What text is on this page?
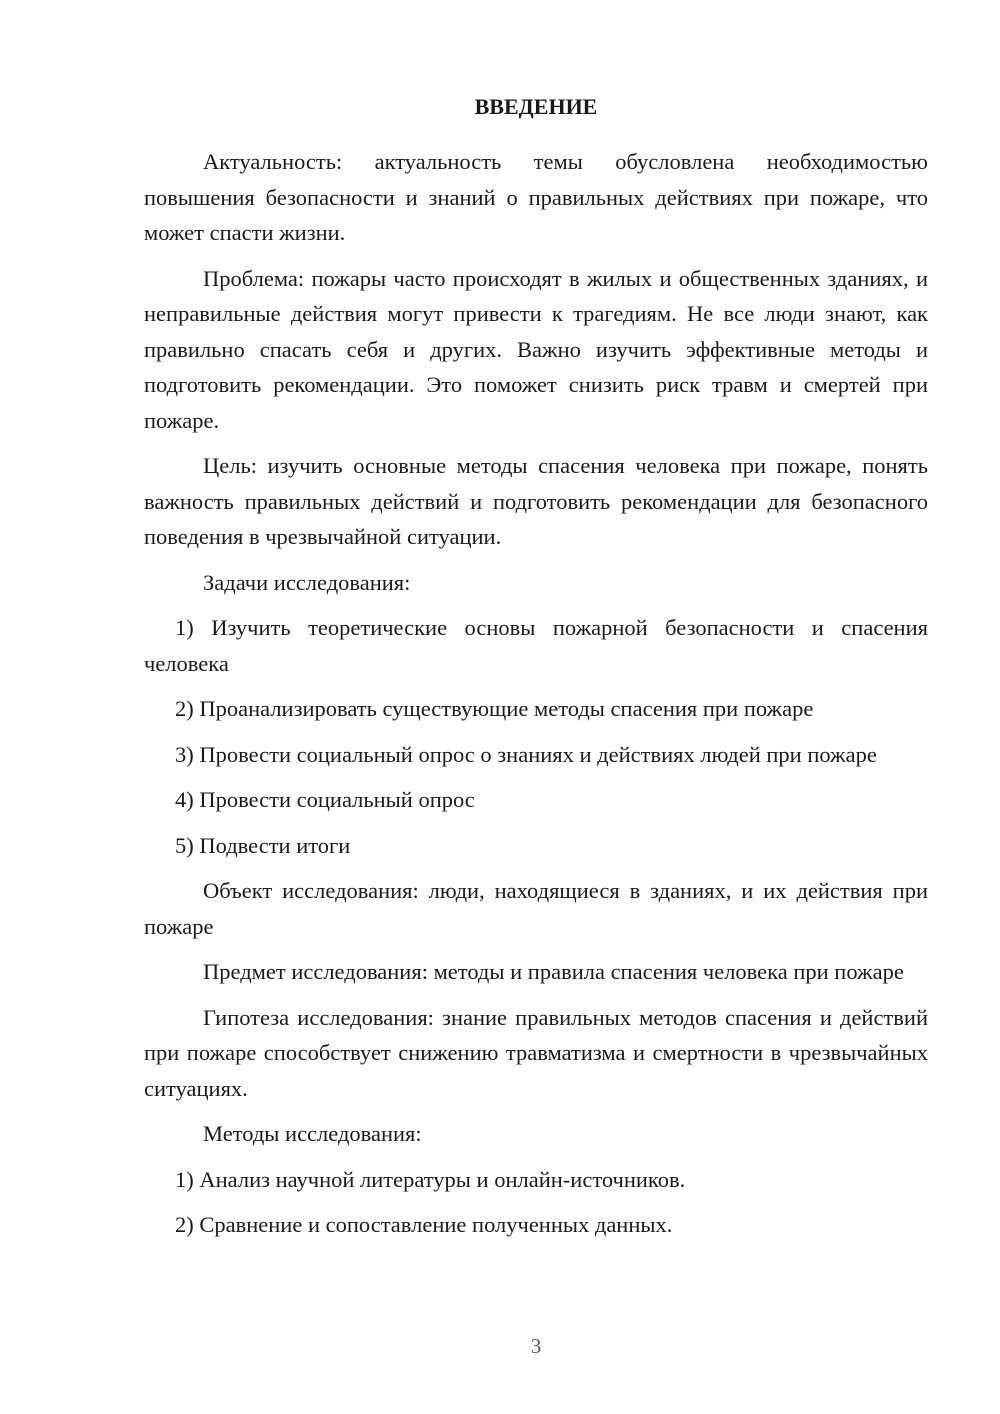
ВВЕДЕНИЕ

Актуальность: актуальность темы обусловлена необходимостью повышения безопасности и знаний о правильных действиях при пожаре, что может спасти жизни.

Проблема: пожары часто происходят в жилых и общественных зданиях, и неправильные действия могут привести к трагедиям. Не все люди знают, как правильно спасать себя и других. Важно изучить эффективные методы и подготовить рекомендации. Это поможет снизить риск травм и смертей при пожаре.

Цель: изучить основные методы спасения человека при пожаре, понять важность правильных действий и подготовить рекомендации для безопасного поведения в чрезвычайной ситуации.

Задачи исследования:

1) Изучить теоретические основы пожарной безопасности и спасения человека

2) Проанализировать существующие методы спасения при пожаре

3) Провести социальный опрос о знаниях и действиях людей при пожаре

4) Провести социальный опрос

5) Подвести итоги

Объект исследования: люди, находящиеся в зданиях, и их действия при пожаре

Предмет исследования: методы и правила спасения человека при пожаре

Гипотеза исследования: знание правильных методов спасения и действий при пожаре способствует снижению травматизма и смертности в чрезвычайных ситуациях.

Методы исследования:

1) Анализ научной литературы и онлайн-источников.

2) Сравнение и сопоставление полученных данных.

3
